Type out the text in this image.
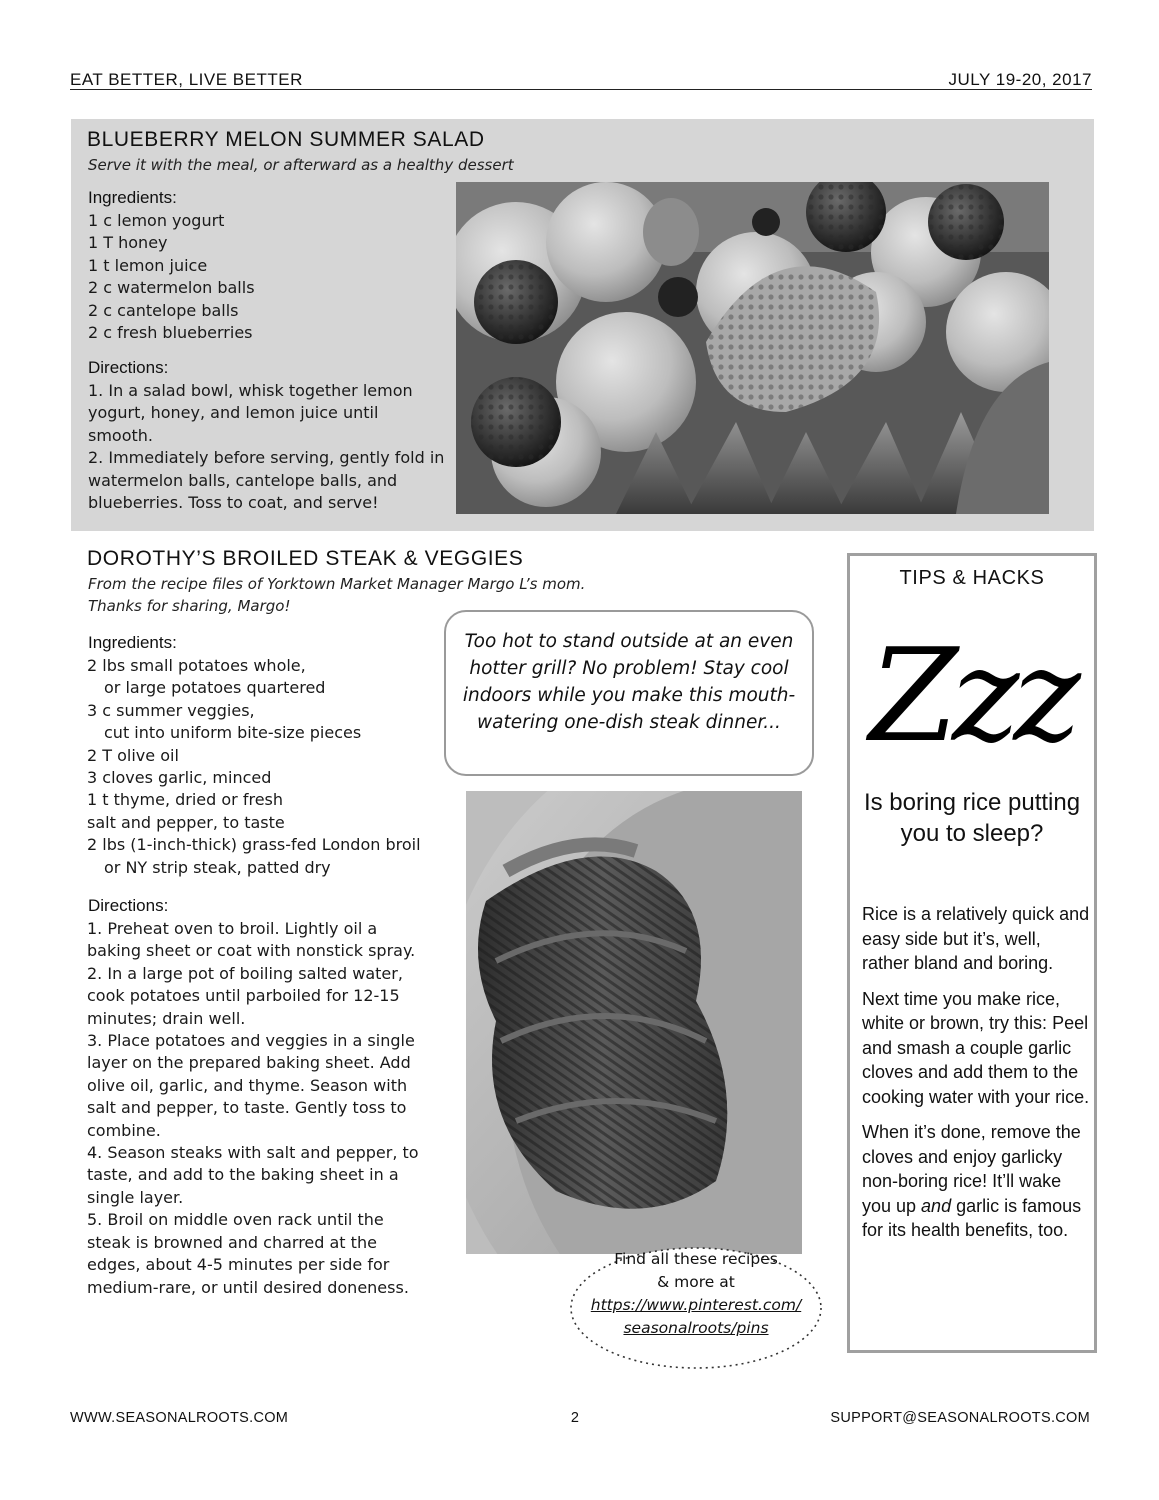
EAT BETTER, LIVE BETTER	JULY 19-20, 2017
BLUEBERRY MELON SUMMER SALAD
Serve it with the meal, or afterward as a healthy dessert
Ingredients:
1 c lemon yogurt
1 T honey
1 t lemon juice
2 c watermelon balls
2 c cantelope balls
2 c fresh blueberries
Directions:
1. In a salad bowl, whisk together lemon yogurt, honey, and lemon juice until smooth.
2. Immediately before serving, gently fold in watermelon balls, cantelope balls, and blueberries. Toss to coat, and serve!
DOROTHY’S BROILED STEAK & VEGGIES
From the recipe files of Yorktown Market Manager Margo L’s mom.
Thanks for sharing, Margo!
Ingredients:
2 lbs small potatoes whole,
or large potatoes quartered
3 c summer veggies,
cut into uniform bite-size pieces
2 T olive oil
3 cloves garlic, minced
1 t thyme, dried or fresh
salt and pepper, to taste
2 lbs (1-inch-thick) grass-fed London broil
or NY strip steak, patted dry
Directions:
1. Preheat oven to broil. Lightly oil a baking sheet or coat with nonstick spray.
2. In a large pot of boiling salted water, cook potatoes until parboiled for 12-15 minutes; drain well.
3. Place potatoes and veggies in a single layer on the prepared baking sheet. Add olive oil, garlic, and thyme. Season with salt and pepper, to taste. Gently toss to combine.
4. Season steaks with salt and pepper, to taste, and add to the baking sheet in a single layer.
5. Broil on middle oven rack until the steak is browned and charred at the edges, about 4-5 minutes per side for medium-rare, or until desired doneness.
Too hot to stand outside at an even hotter grill? No problem! Stay cool indoors while you make this mouth-watering one-dish steak dinner...
Find all these recipes & more at
https://www.pinterest.com/
seasonalroots/pins
TIPS & HACKS
Zzz
Is boring rice putting you to sleep?

Rice is a relatively quick and easy side but it’s, well, rather bland and boring.

Next time you make rice, white or brown, try this: Peel and smash a couple garlic cloves and add them to the cooking water with your rice.

When it’s done, remove the cloves and enjoy garlicky non-boring rice! It’ll wake you up and garlic is famous for its health benefits, too.

WWW.SEASONALROOTS.COM	2	SUPPORT@SEASONALROOTS.COM
